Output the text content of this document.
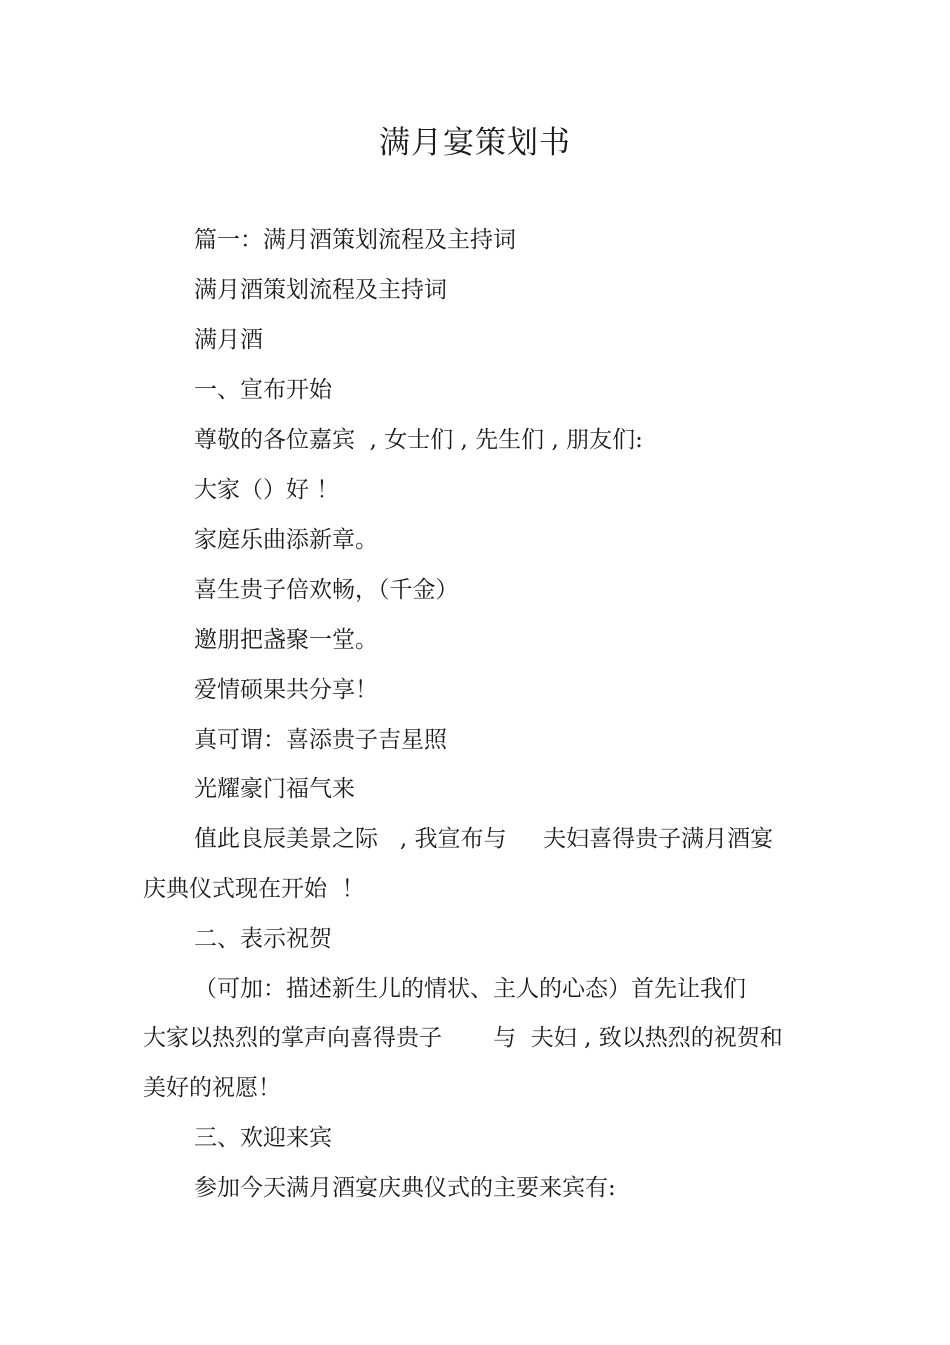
满月宴策划书
篇一：满月酒策划流程及主持词
满月酒策划流程及主持词
满月酒
一、宣布开始
尊敬的各位嘉宾  , 女士们 , 先生们 , 朋友们:
大家（）好 ！
家庭乐曲添新章。
喜生贵子倍欢畅，（千金）
邀朋把盏聚一堂。
爱情硕果共分享！
真可谓：喜添贵子吉星照
光耀豪门福气来
值此良辰美景之际   , 我宣布与     夫妇喜得贵子满月酒宴
庆典仪式现在开始  ！
二、表示祝贺
（可加：描述新生儿的情状、主人的心态）首先让我们
大家以热烈的掌声向喜得贵子       与  夫妇 , 致以热烈的祝贺和
美好的祝愿！
三、欢迎来宾
参加今天满月酒宴庆典仪式的主要来宾有:
